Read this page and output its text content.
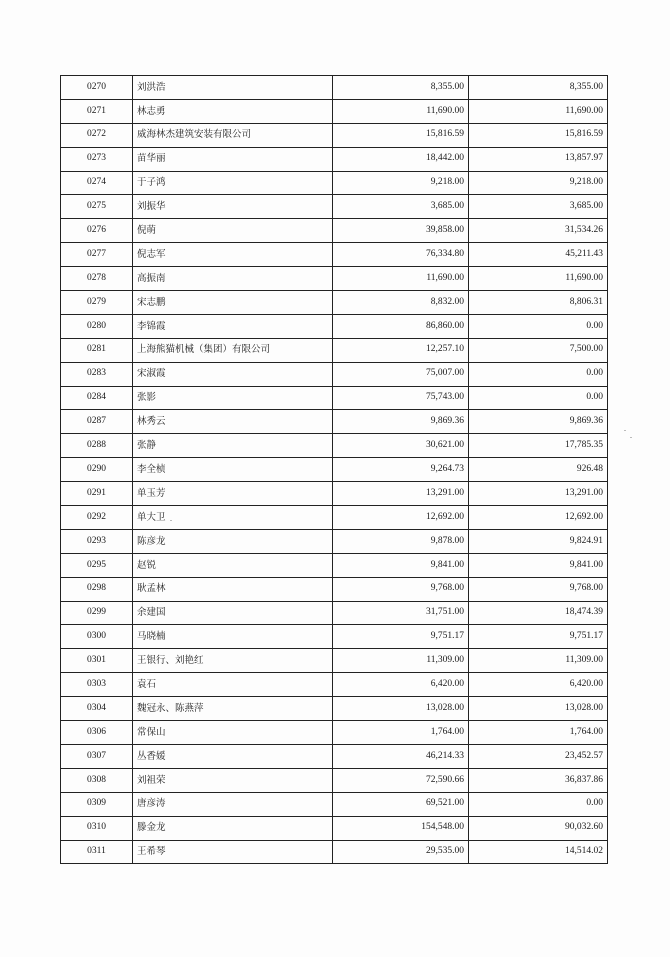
0270	刘洪浩	8,355.00	8,355.00
0271	林志勇	11,690.00	11,690.00
0272	威海林杰建筑安装有限公司	15,816.59	15,816.59
0273	苗华丽	18,442.00	13,857.97
0274	于子鸿	9,218.00	9,218.00
0275	刘振华	3,685.00	3,685.00
0276	倪萌	39,858.00	31,534.26
0277	倪志军	76,334.80	45,211.43
0278	高振南	11,690.00	11,690.00
0279	宋志鹏	8,832.00	8,806.31
0280	李锦霞	86,860.00	0.00
0281	上海熊猫机械（集团）有限公司	12,257.10	7,500.00
0283	宋淑霞	75,007.00	0.00
0284	张影	75,743.00	0.00
0287	林秀云	9,869.36	9,869.36
0288	张静	30,621.00	17,785.35
0290	李全桢	9,264.73	926.48
0291	单玉芳	13,291.00	13,291.00
0292	单大卫	12,692.00	12,692.00
0293	陈彦龙	9,878.00	9,824.91
0295	赵锐	9,841.00	9,841.00
0298	耿孟林	9,768.00	9,768.00
0299	余建国	31,751.00	18,474.39
0300	马晓楠	9,751.17	9,751.17
0301	王银行、刘艳红	11,309.00	11,309.00
0303	袁石	6,420.00	6,420.00
0304	魏冠永、陈燕萍	13,028.00	13,028.00
0306	常保山	1,764.00	1,764.00
0307	丛香媛	46,214.33	23,452.57
0308	刘祖荣	72,590.66	36,837.86
0309	唐彦涛	69,521.00	0.00
0310	滕金龙	154,548.00	90,032.60
0311	王希琴	29,535.00	14,514.02
